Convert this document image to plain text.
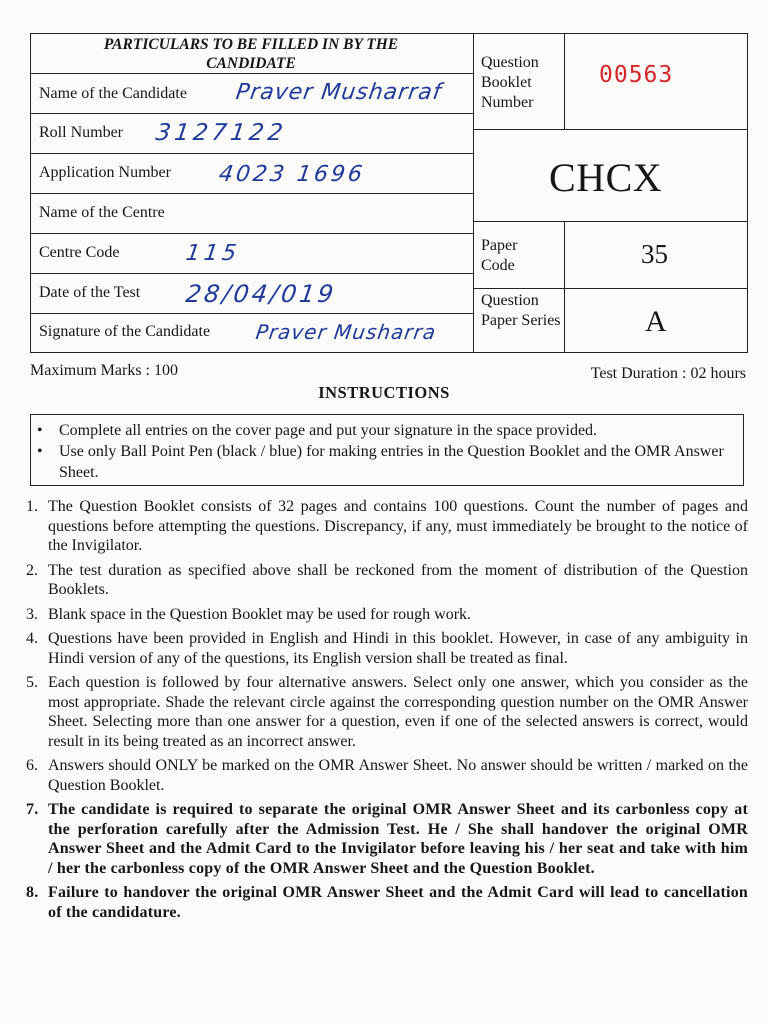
PARTICULARS TO BE FILLED IN BY THE CANDIDATE
Name of the Candidate Praver Musharraf
Roll Number 3127122
Application Number 4023 1696
Name of the Centre
Centre Code	115
Date of the Test 28/04/019
Signature of the Candidate Praver Musharra
Question Booklet Number
00563
CHCX
Paper Code	35
Question Paper Series	A
Maximum Marks : 100	Test Duration : 02 hours
INSTRUCTIONS
•	Complete all entries on the cover page and put your signature in the space provided.
•	Use only Ball Point Pen (black / blue) for making entries in the Question Booklet and the OMR Answer Sheet.
1. The Question Booklet consists of 32 pages and contains 100 questions. Count the number of pages and questions before attempting the questions. Discrepancy, if any, must immediately be brought to the notice of the Invigilator.
2. The test duration as specified above shall be reckoned from the moment of distribution of the Question Booklets.
3. Blank space in the Question Booklet may be used for rough work.
4. Questions have been provided in English and Hindi in this booklet. However, in case of any ambiguity in Hindi version of any of the questions, its English version shall be treated as final.
5. Each question is followed by four alternative answers. Select only one answer, which you consider as the most appropriate. Shade the relevant circle against the corresponding question number on the OMR Answer Sheet. Selecting more than one answer for a question, even if one of the selected answers is correct, would result in its being treated as an incorrect answer.
6. Answers should ONLY be marked on the OMR Answer Sheet. No answer should be written / marked on the Question Booklet.
7. The candidate is required to separate the original OMR Answer Sheet and its carbonless copy at the perforation carefully after the Admission Test. He / She shall handover the original OMR Answer Sheet and the Admit Card to the Invigilator before leaving his / her seat and take with him / her the carbonless copy of the OMR Answer Sheet and the Question Booklet.
8. Failure to handover the original OMR Answer Sheet and the Admit Card will lead to cancellation of the candidature.
